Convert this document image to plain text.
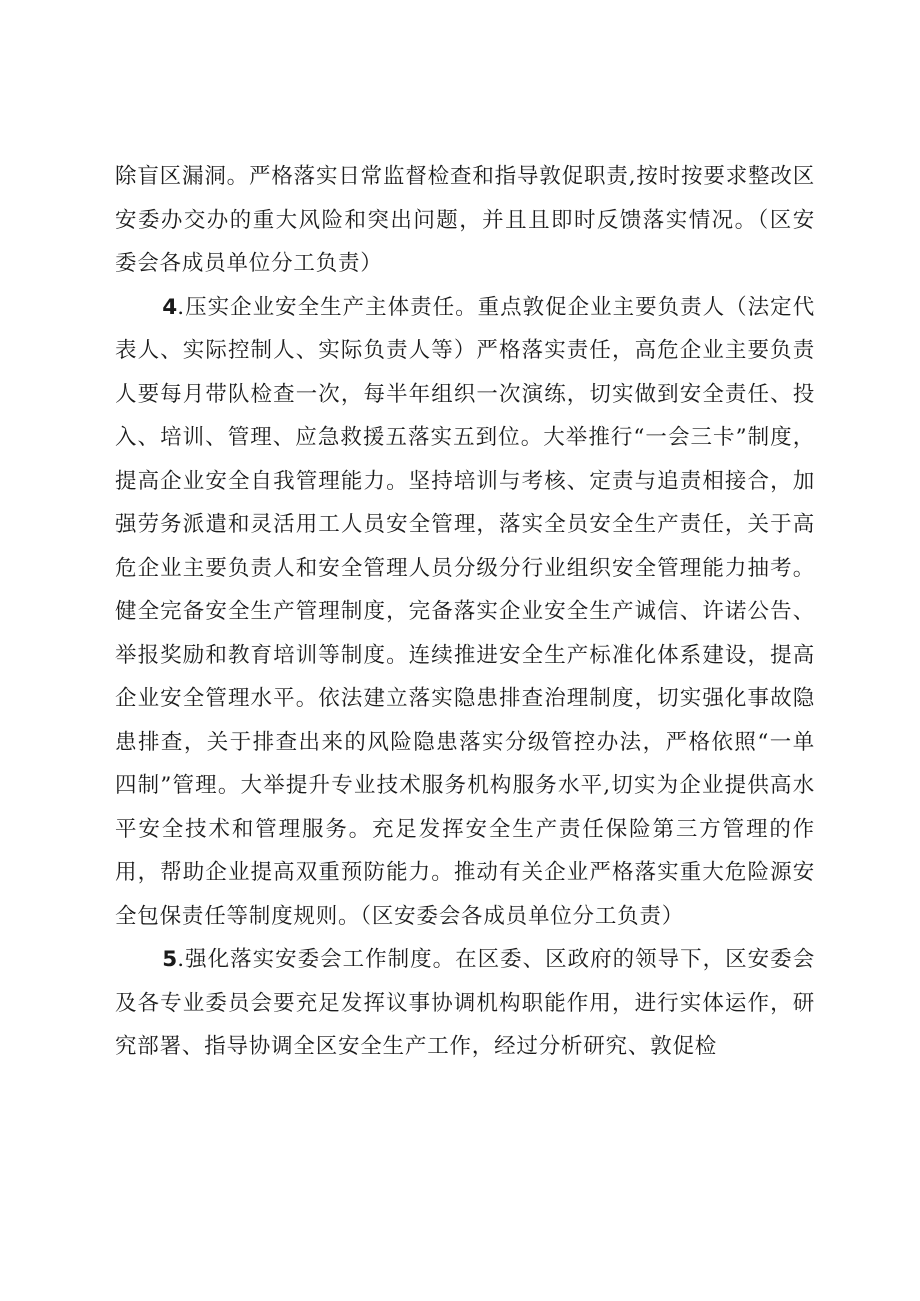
除盲区漏洞。严格落实日常监督检查和指导敦促职责,按时按要求整改区安委办交办的重大风险和突出问题，并且且即时反馈落实情况。（区安委会各成员单位分工负责）

4.压实企业安全生产主体责任。重点敦促企业主要负责人（法定代表人、实际控制人、实际负责人等）严格落实责任，高危企业主要负责人要每月带队检查一次，每半年组织一次演练，切实做到安全责任、投入、培训、管理、应急救援五落实五到位。大举推行“一会三卡”制度，提高企业安全自我管理能力。坚持培训与考核、定责与追责相接合，加强劳务派遣和灵活用工人员安全管理，落实全员安全生产责任，关于高危企业主要负责人和安全管理人员分级分行业组织安全管理能力抽考。健全完备安全生产管理制度，完备落实企业安全生产诚信、许诺公告、举报奖励和教育培训等制度。连续推进安全生产标准化体系建设，提高企业安全管理水平。依法建立落实隐患排查治理制度，切实强化事故隐患排查，关于排查出来的风险隐患落实分级管控办法，严格依照“一单四制”管理。大举提升专业技术服务机构服务水平,切实为企业提供高水平安全技术和管理服务。充足发挥安全生产责任保险第三方管理的作用，帮助企业提高双重预防能力。推动有关企业严格落实重大危险源安全包保责任等制度规则。（区安委会各成员单位分工负责）

5.强化落实安委会工作制度。在区委、区政府的领导下，区安委会及各专业委员会要充足发挥议事协调机构职能作用，进行实体运作，研究部署、指导协调全区安全生产工作，经过分析研究、敦促检
